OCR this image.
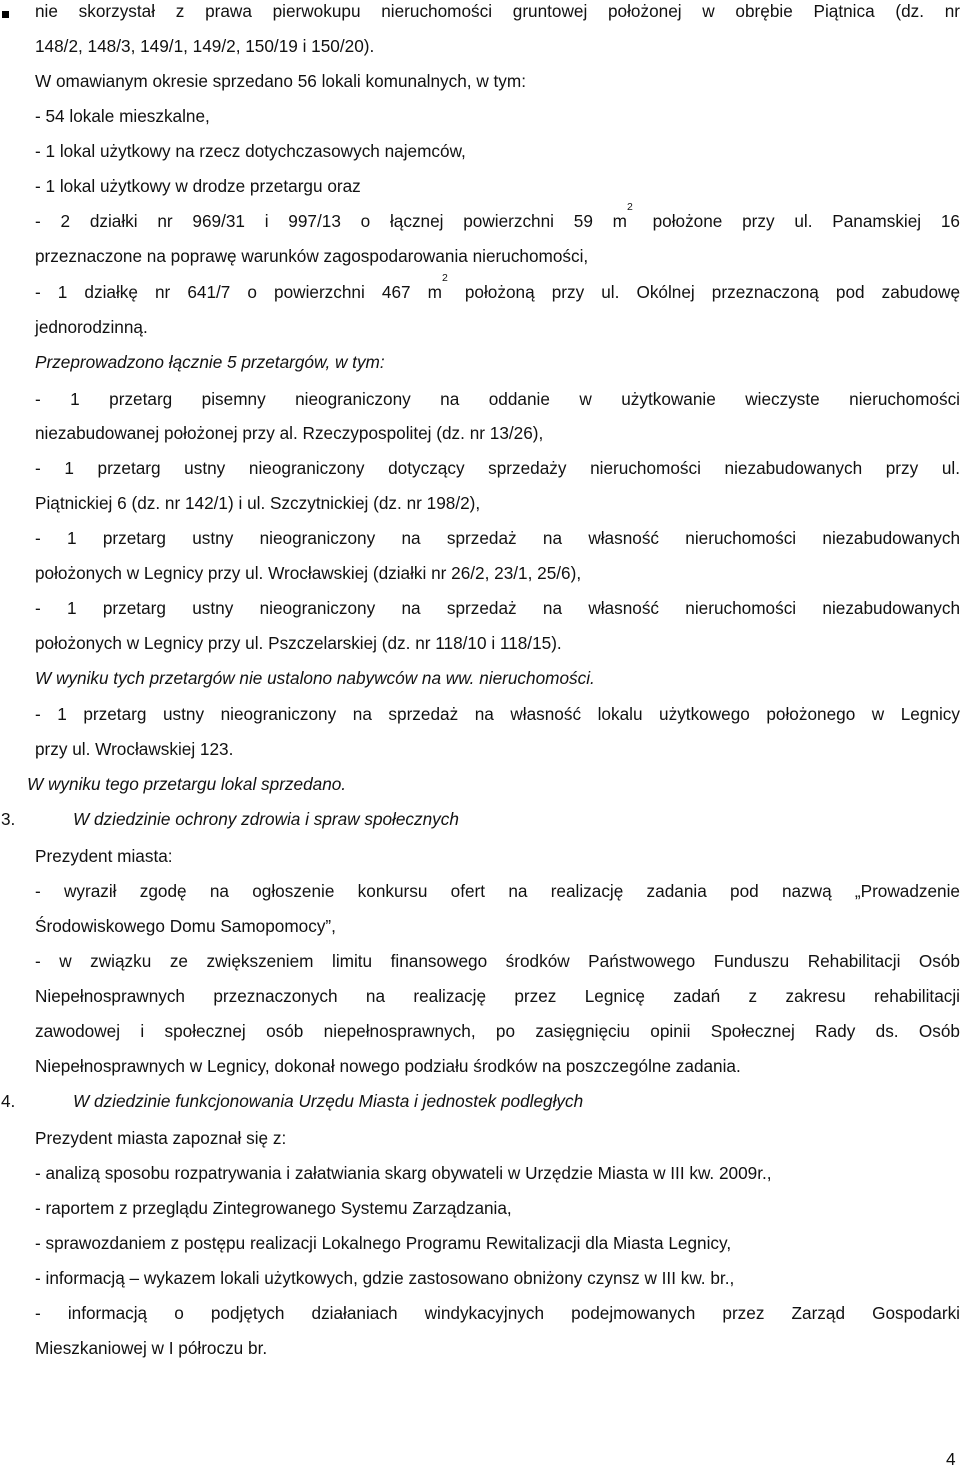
nie skorzystał z prawa pierwokupu nieruchomości gruntowej położonej w obrębie Piątnica (dz. nr
148/2, 148/3, 149/1, 149/2, 150/19 i 150/20).
W omawianym okresie sprzedano 56 lokali komunalnych, w tym:
- 54 lokale mieszkalne,
- 1 lokal użytkowy na rzecz dotychczasowych najemców,
- 1 lokal użytkowy w drodze przetargu oraz
- 2 działki nr 969/31 i 997/13 o łącznej powierzchni 59 $m^2$ położone przy ul. Panamskiej 16
przeznaczone na poprawę warunków zagospodarowania nieruchomości,
- 1 działkę nr 641/7 o powierzchni 467 $m^2$ położoną przy ul. Okólnej przeznaczoną pod zabudowę
jednorodzinną.
Przeprowadzono łącznie 5 przetargów, w tym:
- 1 przetarg pisemny nieograniczony na oddanie w użytkowanie wieczyste nieruchomości
niezabudowanej położonej przy al. Rzeczypospolitej (dz. nr 13/26),
- 1 przetarg ustny nieograniczony dotyczący sprzedaży nieruchomości niezabudowanych przy ul.
Piątnickiej 6 (dz. nr 142/1) i ul. Szczytnickiej (dz. nr 198/2),
- 1 przetarg ustny nieograniczony na sprzedaż na własność nieruchomości niezabudowanych
położonych w Legnicy przy ul. Wrocławskiej (działki nr 26/2, 23/1, 25/6),
- 1 przetarg ustny nieograniczony na sprzedaż na własność nieruchomości niezabudowanych
położonych w Legnicy przy ul. Pszczelarskiej (dz. nr 118/10 i 118/15).
W wyniku tych przetargów nie ustalono nabywców na ww. nieruchomości.
- 1 przetarg ustny nieograniczony na sprzedaż na własność lokalu użytkowego położonego w Legnicy
przy ul. Wrocławskiej 123.
W wyniku tego przetargu lokal sprzedano.
3.	W dziedzinie ochrony zdrowia i spraw społecznych
Prezydent miasta:
- wyraził zgodę na ogłoszenie konkursu ofert na realizację zadania pod nazwą „Prowadzenie
Środowiskowego Domu Samopomocy”,
- w związku ze zwiększeniem limitu finansowego środków Państwowego Funduszu Rehabilitacji Osób
Niepełnosprawnych przeznaczonych na realizację przez Legnicę zadań z zakresu rehabilitacji
zawodowej i społecznej osób niepełnosprawnych, po zasięgnięciu opinii Społecznej Rady ds. Osób
Niepełnosprawnych w Legnicy, dokonał nowego podziału środków na poszczególne zadania.
4.	W dziedzinie funkcjonowania Urzędu Miasta i jednostek podległych
Prezydent miasta zapoznał się z:
- analizą sposobu rozpatrywania i załatwiania skarg obywateli w Urzędzie Miasta w III kw. 2009r.,
- raportem z przeglądu Zintegrowanego Systemu Zarządzania,
- sprawozdaniem z postępu realizacji Lokalnego Programu Rewitalizacji dla Miasta Legnicy,
- informacją – wykazem lokali użytkowych, gdzie zastosowano obniżony czynsz w III kw. br.,
- informacją o podjętych działaniach windykacyjnych podejmowanych przez Zarząd Gospodarki
Mieszkaniowej w I półroczu br.
4
